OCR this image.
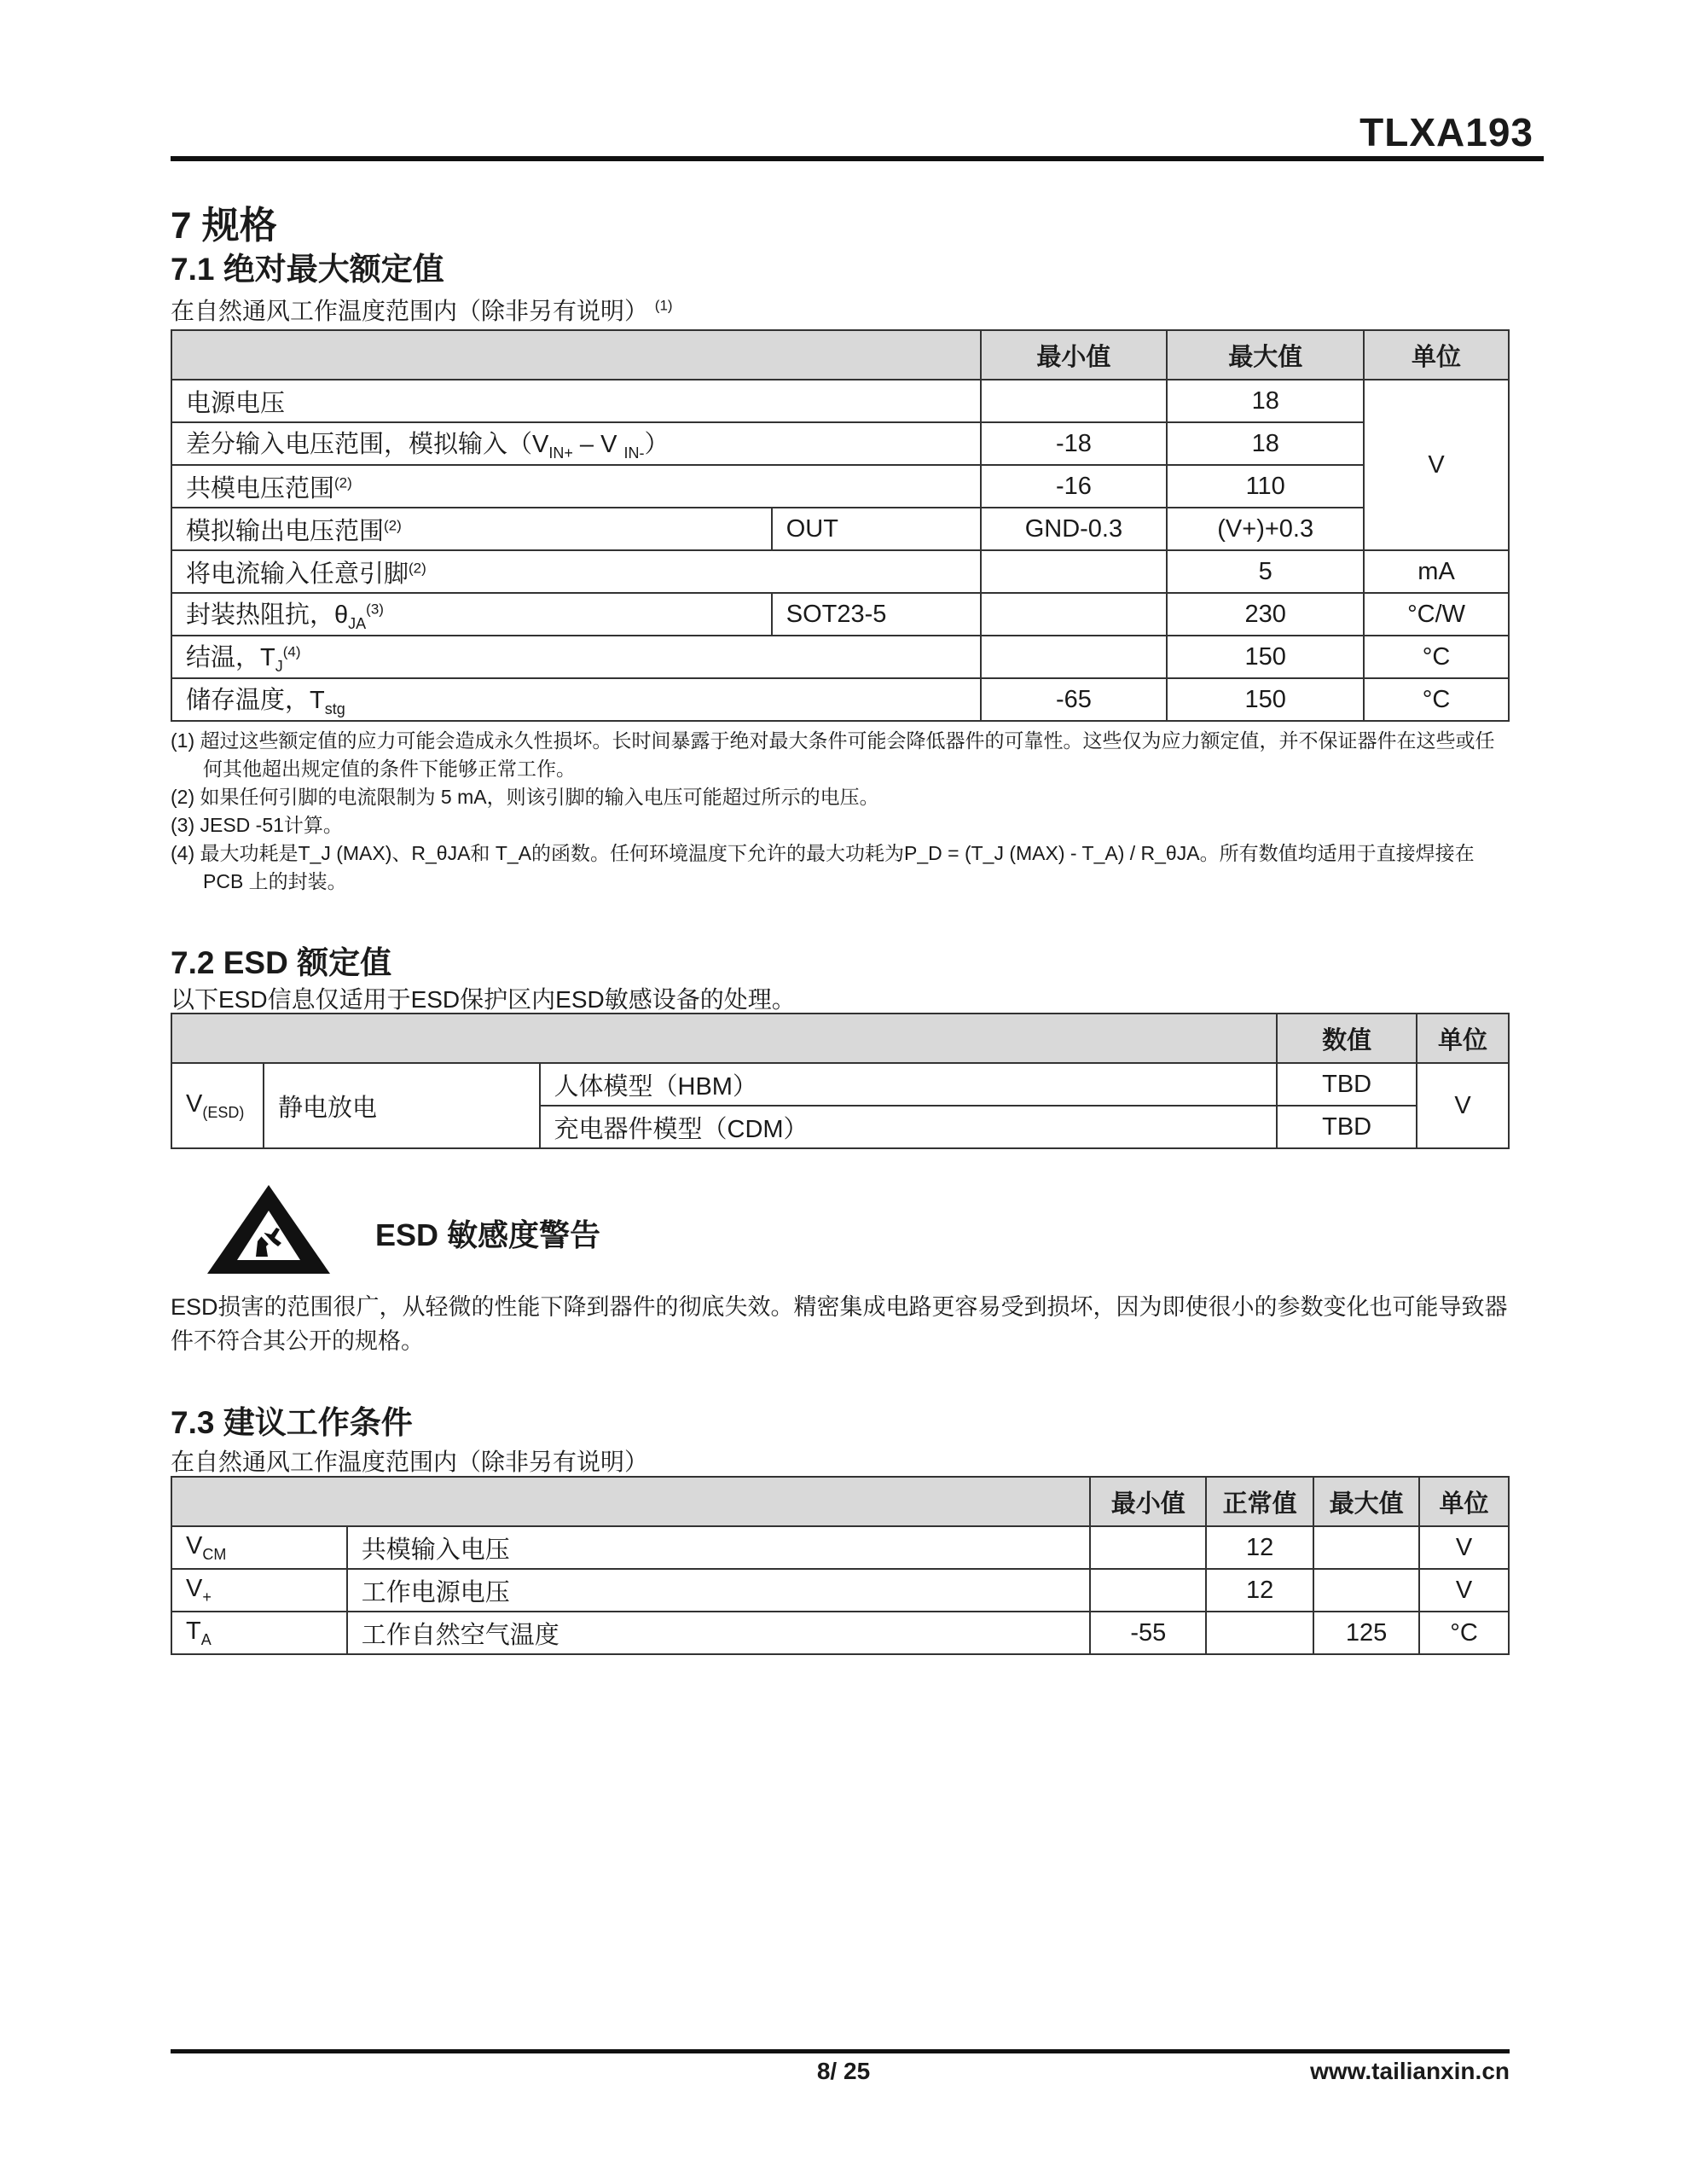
TLXA193
7 规格
7.1 绝对最大额定值
在自然通风工作温度范围内（除非另有说明） $^{(1)}$
		最小值	最大值	单位
电源电压			18	V
差分输入电压范围，模拟输入（$V_{IN+}$ – V $_{IN-}$）		-18	18	
共模电压范围$^{(2)}$		-16	110	
模拟输出电压范围$^{(2)}$	OUT	GND-0.3	(V+)+0.3	
将电流输入任意引脚$^{(2)}$			5	mA
封装热阻抗，$\theta_{JA}^{(3)}$	SOT23-5		230	°C/W
结温，$T_J^{(4)}$			150	°C
储存温度，$T_{stg}$		-65	150	°C
(1) 超过这些额定值的应力可能会造成永久性损坏。长时间暴露于绝对最大条件可能会降低器件的可靠性。这些仅为应力额定值，并不保证器件在这些或任何其他超出规定值的条件下能够正常工作。
(2) 如果任何引脚的电流限制为 5 mA，则该引脚的输入电压可能超过所示的电压。
(3) JESD -51计算。
(4) 最大功耗是T_J (MAX)、R_θJA和 T_A的函数。任何环境温度下允许的最大功耗为P_D = (T_J (MAX) - T_A) / R_θJA。所有数值均适用于直接焊接在 PCB 上的封装。
7.2 ESD 额定值
以下ESD信息仅适用于ESD保护区内ESD敏感设备的处理。
			数值	单位
$V_{(ESD)}$	静电放电	人体模型（HBM）	TBD	V
		充电器件模型（CDM）	TBD	
ESD 敏感度警告
ESD损害的范围很广，从轻微的性能下降到器件的彻底失效。精密集成电路更容易受到损坏，因为即使很小的参数变化也可能导致器件不符合其公开的规格。
7.3 建议工作条件
在自然通风工作温度范围内（除非另有说明）
		最小值	正常值	最大值	单位
$V_{CM}$	共模输入电压		12		V
$V_+$	工作电源电压		12		V
$T_A$	工作自然空气温度	-55		125	°C
8/ 25	www.tailianxin.cn
